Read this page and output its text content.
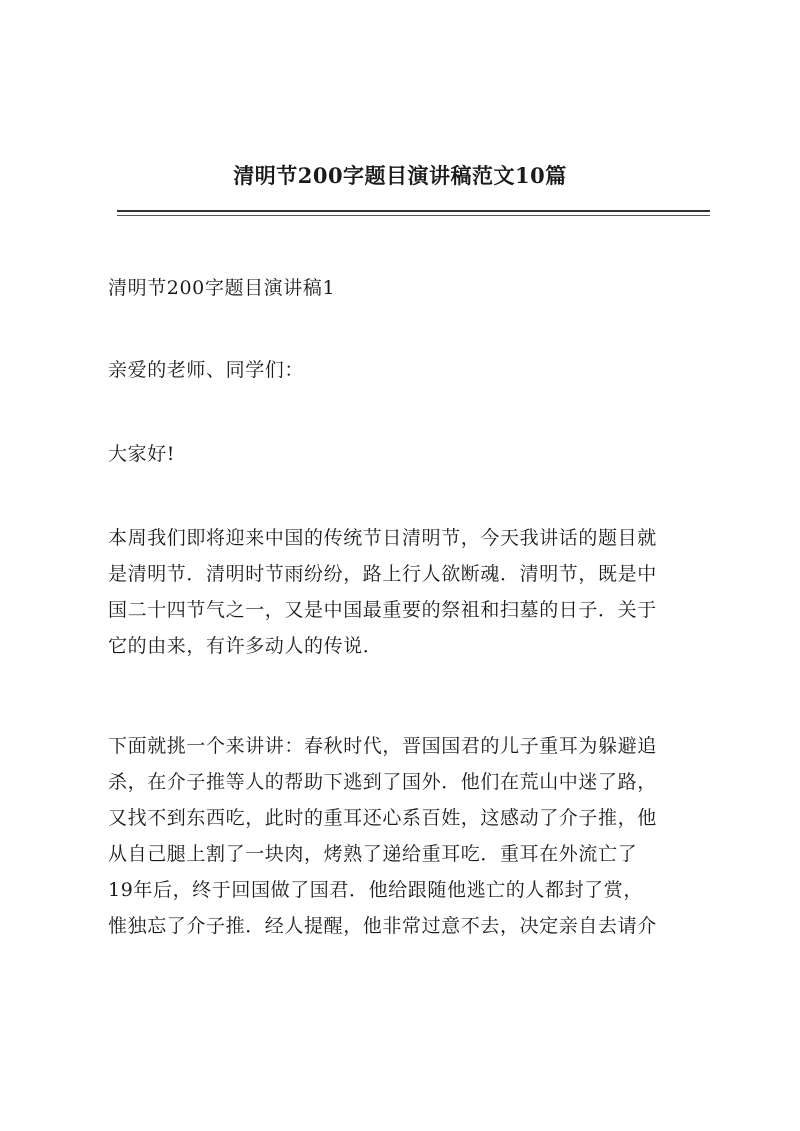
清明节200字题目演讲稿范文10篇

清明节200字题目演讲稿1

亲爱的老师、同学们：

大家好!

本周我们即将迎来中国的传统节日清明节，今天我讲话的题目就
是清明节．清明时节雨纷纷，路上行人欲断魂．清明节，既是中
国二十四节气之一，又是中国最重要的祭祖和扫墓的日子．关于
它的由来，有许多动人的传说．

下面就挑一个来讲讲：春秋时代，晋国国君的儿子重耳为躲避追
杀，在介子推等人的帮助下逃到了国外．他们在荒山中迷了路，
又找不到东西吃，此时的重耳还心系百姓，这感动了介子推，他
从自己腿上割了一块肉，烤熟了递给重耳吃．重耳在外流亡了
19年后，终于回国做了国君．他给跟随他逃亡的人都封了赏，
惟独忘了介子推．经人提醒，他非常过意不去，决定亲自去请介
